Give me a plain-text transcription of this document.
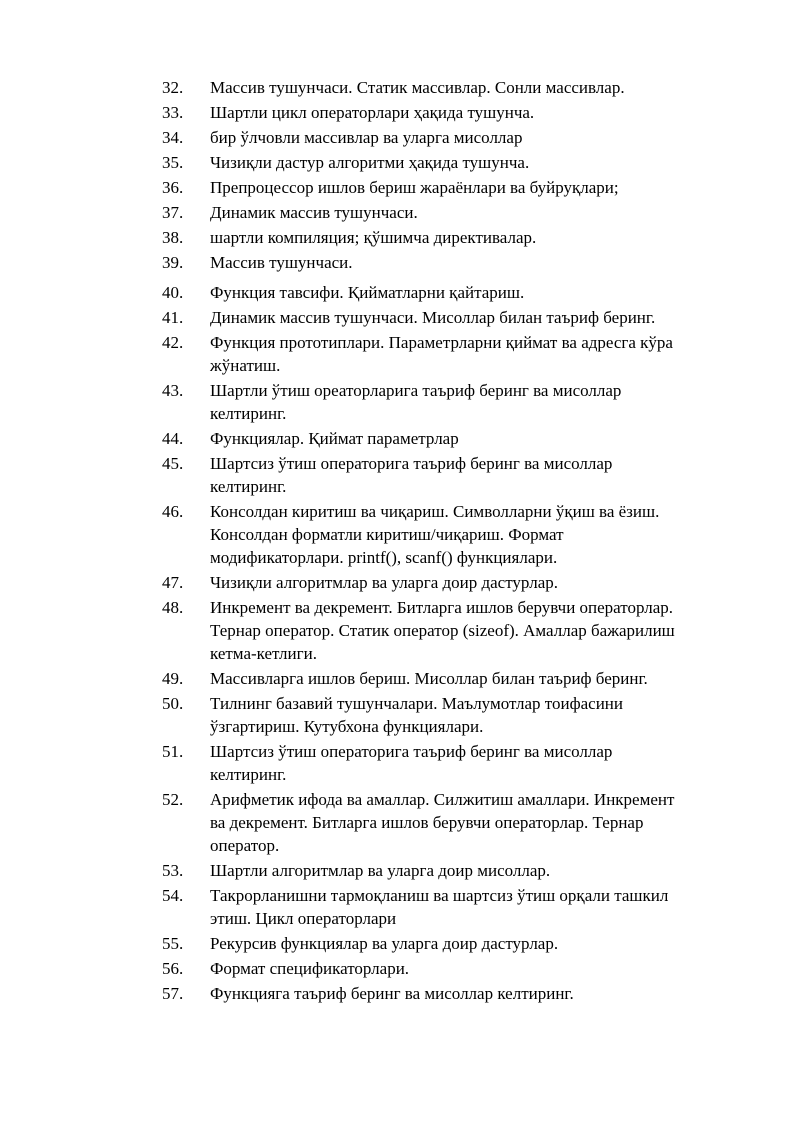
32.	Массив тушунчаси. Статик массивлар. Сонли массивлар.
33.	Шартли цикл операторлари ҳақида тушунча.
34.	бир ўлчовли массивлар ва уларга мисоллар
35.	Чизиқли дастур алгоритми ҳақида тушунча.
36.	Препроцессор ишлов бериш жараёнлари ва буйруқлари;
37.	Динамик массив тушунчаси.
38.	шартли компиляция; қўшимча директивалар.
39.	Массив тушунчаси.
40.	Функция тавсифи. Қийматларни қайтариш.
41.	Динамик массив тушунчаси. Мисоллар билан таъриф беринг.
42.	Функция прототиплари. Параметрларни қиймат ва адресга кўра
жўнатиш.
43.	Шартли ўтиш ореаторларига таъриф беринг ва мисоллар
келтиринг.
44.	Функциялар. Қиймат параметрлар
45.	Шартсиз ўтиш операторига таъриф беринг ва мисоллар
келтиринг.
46.	Консолдан киритиш ва чиқариш. Символларни ўқиш ва ёзиш.
Консолдан форматли киритиш/чиқариш. Формат
модификаторлари. printf(), scanf() функциялари.
47.	Чизиқли алгоритмлар ва уларга доир дастурлар.
48.	Инкремент ва декремент. Битларга ишлов берувчи операторлар.
Тернар оператор. Статик оператор (sizeof). Амаллар бажарилиш
кетма-кетлиги.
49.	Массивларга ишлов бериш. Мисоллар билан таъриф беринг.
50.	Тилнинг базавий тушунчалари. Маълумотлар тоифасини
ўзгартириш. Кутубхона функциялари.
51.	Шартсиз ўтиш операторига таъриф беринг ва мисоллар
келтиринг.
52.	Арифметик ифода ва амаллар. Силжитиш амаллари. Инкремент
ва декремент. Битларга ишлов берувчи операторлар. Тернар
оператор.
53.	Шартли алгоритмлар ва уларга доир мисоллар.
54.	Такрорланишни тармоқланиш ва шартсиз ўтиш орқали ташкил
этиш. Цикл операторлари
55.	Рекурсив функциялар ва уларга доир дастурлар.
56.	Формат спецификаторлари.
57.	Функцияга таъриф беринг ва мисоллар келтиринг.
